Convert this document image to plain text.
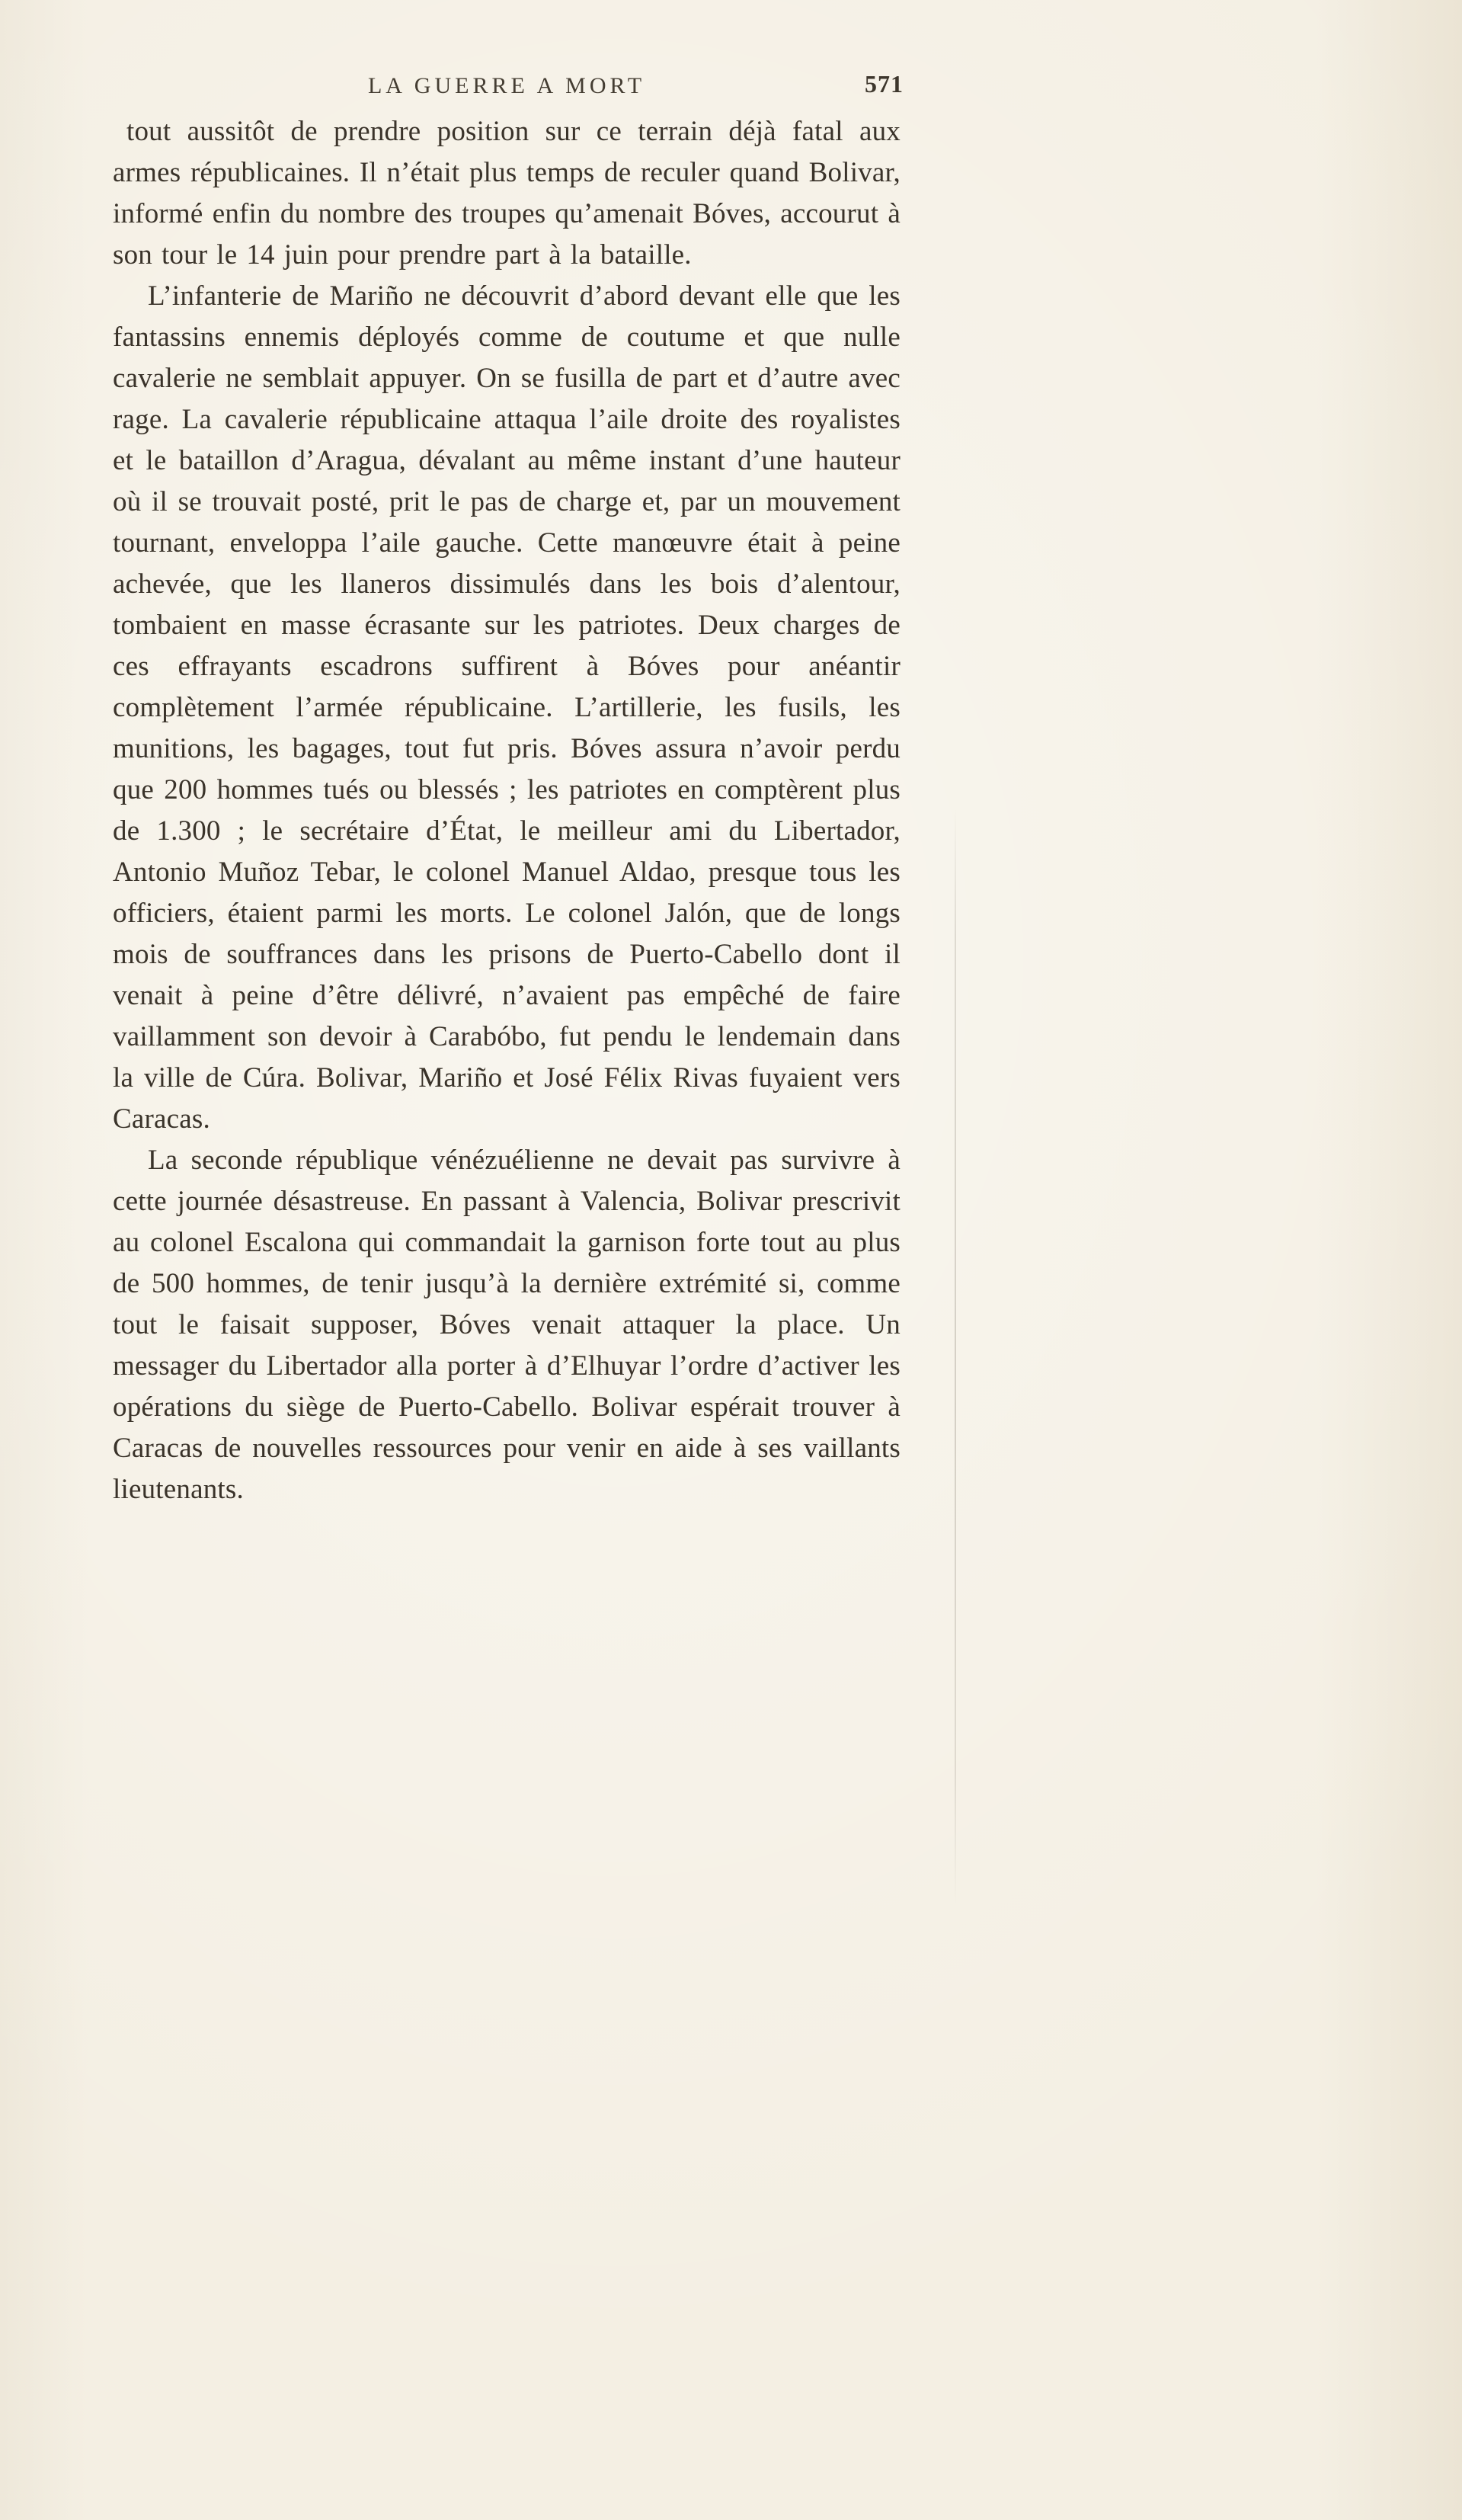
LA GUERRE A MORT	571

tout aussitôt de prendre position sur ce terrain déjà fatal aux armes républicaines. Il n’était plus temps de reculer quand Bolivar, informé enfin du nombre des troupes qu’amenait Bóves, accourut à son tour le 14 juin pour prendre part à la bataille.

L’infanterie de Mariño ne découvrit d’abord devant elle que les fantassins ennemis déployés comme de coutume et que nulle cavalerie ne semblait appuyer. On se fusilla de part et d’autre avec rage. La cavalerie républicaine attaqua l’aile droite des royalistes et le bataillon d’Aragua, dévalant au même instant d’une hauteur où il se trouvait posté, prit le pas de charge et, par un mouvement tournant, enveloppa l’aile gauche. Cette manœuvre était à peine achevée, que les llaneros dissimulés dans les bois d’alentour, tombaient en masse écrasante sur les patriotes. Deux charges de ces effrayants escadrons suffirent à Bóves pour anéantir complètement l’armée républicaine. L’artillerie, les fusils, les munitions, les bagages, tout fut pris. Bóves assura n’avoir perdu que 200 hommes tués ou blessés ; les patriotes en comptèrent plus de 1.300 ; le secrétaire d’État, le meilleur ami du Libertador, Antonio Muñoz Tebar, le colonel Manuel Aldao, presque tous les officiers, étaient parmi les morts. Le colonel Jalón, que de longs mois de souffrances dans les prisons de Puerto-Cabello dont il venait à peine d’être délivré, n’avaient pas empêché de faire vaillamment son devoir à Carabóbo, fut pendu le lendemain dans la ville de Cúra. Bolivar, Mariño et José Félix Rivas fuyaient vers Caracas.

La seconde république vénézuélienne ne devait pas survivre à cette journée désastreuse. En passant à Valencia, Bolivar prescrivit au colonel Escalona qui commandait la garnison forte tout au plus de 500 hommes, de tenir jusqu’à la dernière extrémité si, comme tout le faisait supposer, Bóves venait attaquer la place. Un messager du Libertador alla porter à d’Elhuyar l’ordre d’activer les opérations du siège de Puerto-Cabello. Bolivar espérait trouver à Caracas de nouvelles ressources pour venir en aide à ses vaillants lieutenants.
